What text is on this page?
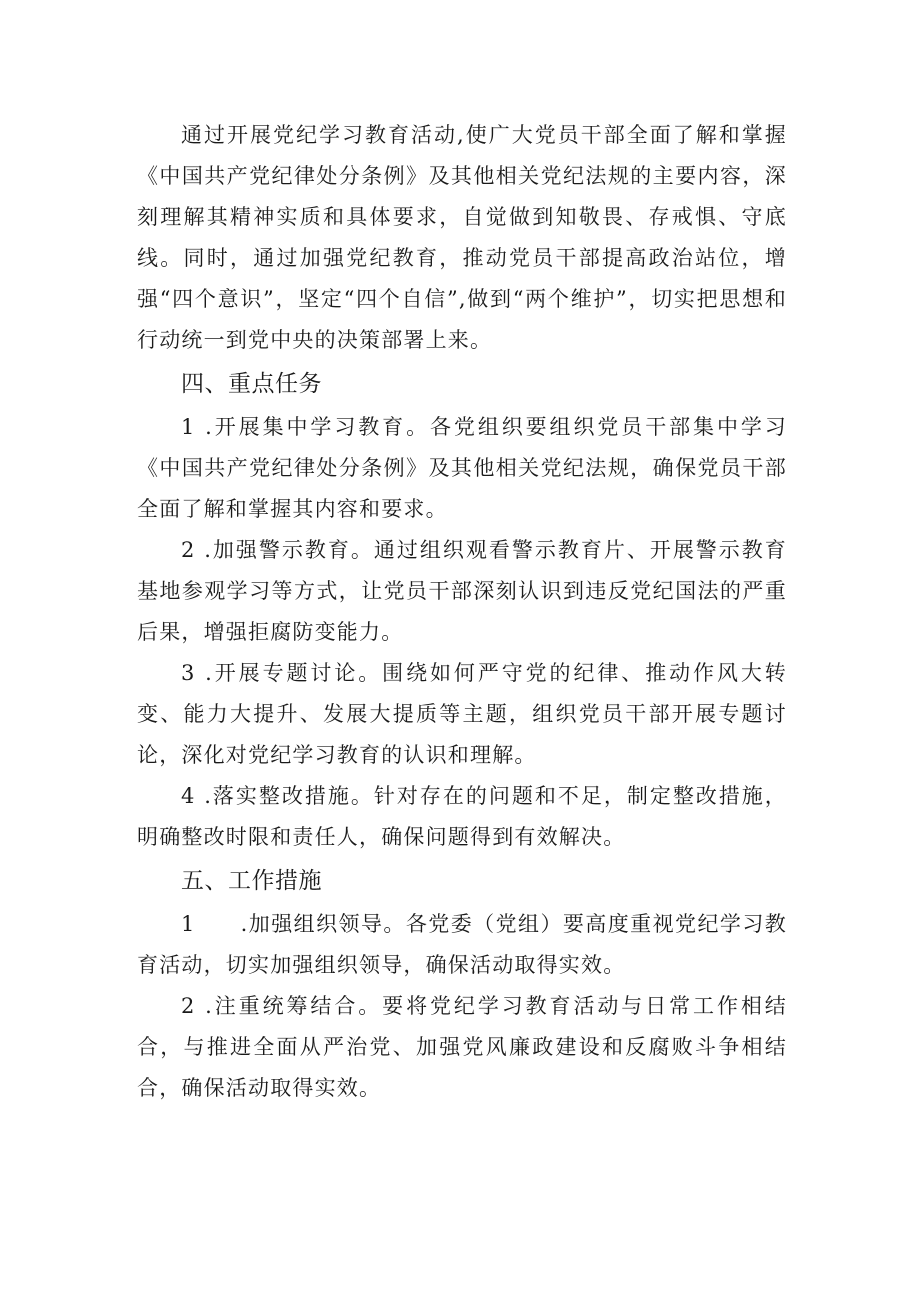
通过开展党纪学习教育活动,使广大党员干部全面了解和掌握《中国共产党纪律处分条例》及其他相关党纪法规的主要内容，深刻理解其精神实质和具体要求，自觉做到知敬畏、存戒惧、守底线。同时，通过加强党纪教育，推动党员干部提高政治站位，增强“四个意识”，坚定“四个自信”,做到“两个维护”，切实把思想和行动统一到党中央的决策部署上来。

四、重点任务

1 .开展集中学习教育。各党组织要组织党员干部集中学习《中国共产党纪律处分条例》及其他相关党纪法规，确保党员干部全面了解和掌握其内容和要求。

2 .加强警示教育。通过组织观看警示教育片、开展警示教育基地参观学习等方式，让党员干部深刻认识到违反党纪国法的严重后果，增强拒腐防变能力。

3 .开展专题讨论。围绕如何严守党的纪律、推动作风大转变、能力大提升、发展大提质等主题，组织党员干部开展专题讨论，深化对党纪学习教育的认识和理解。

4 .落实整改措施。针对存在的问题和不足，制定整改措施，明确整改时限和责任人，确保问题得到有效解决。

五、工作措施

1　　.加强组织领导。各党委（党组）要高度重视党纪学习教育活动，切实加强组织领导，确保活动取得实效。

2 .注重统筹结合。要将党纪学习教育活动与日常工作相结合，与推进全面从严治党、加强党风廉政建设和反腐败斗争相结合，确保活动取得实效。
